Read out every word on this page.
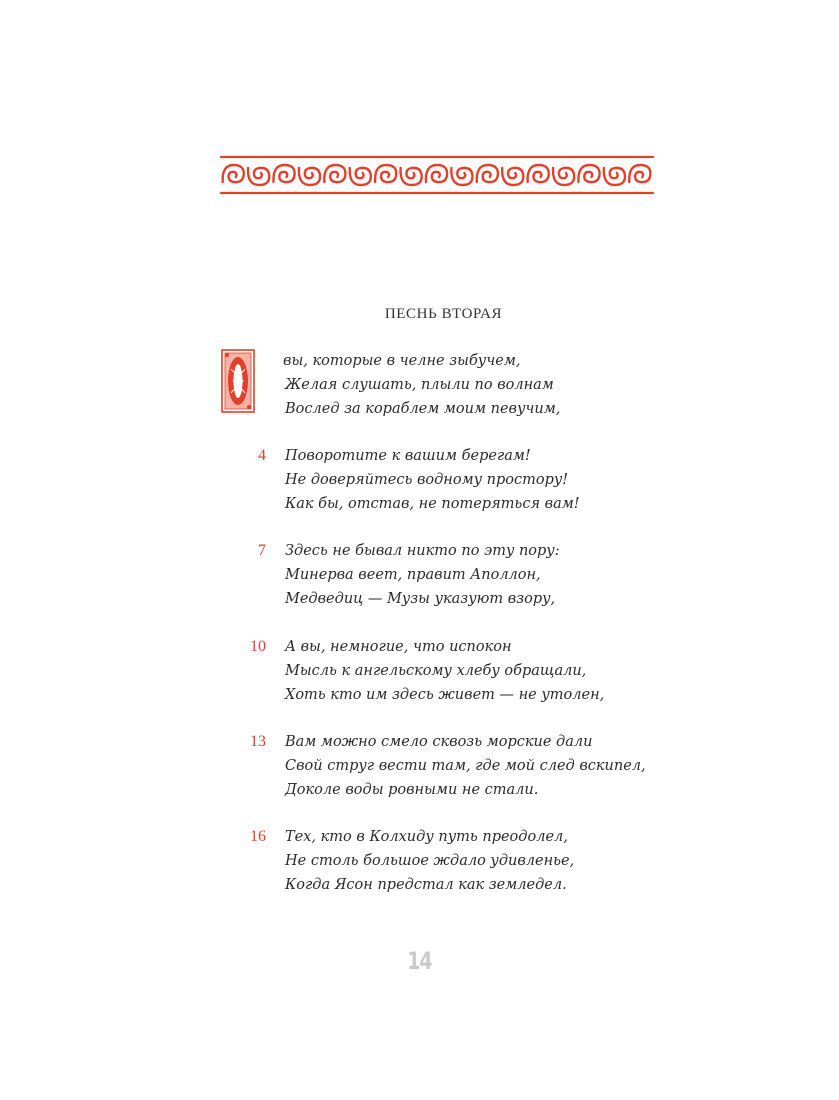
ПЕСНЬ ВТОРАЯ
вы, которые в челне зыбучем,
Желая слушать, плыли по волнам
Вослед за кораблем моим певучим,
4 Поворотите к вашим берегам!
Не доверяйтесь водному простору!
Как бы, отстав, не потеряться вам!
7 Здесь не бывал никто по эту пору:
Минерва веет, правит Аполлон,
Медведиц — Музы указуют взору,
10 А вы, немногие, что испокон
Мысль к ангельскому хлебу обращали,
Хоть кто им здесь живет — не утолен,
13 Вам можно смело сквозь морские дали
Свой струг вести там, где мой след вскипел,
Доколе воды ровными не стали.
16 Тех, кто в Колхиду путь преодолел,
Не столь большое ждало удивленье,
Когда Ясон предстал как земледел.
14
